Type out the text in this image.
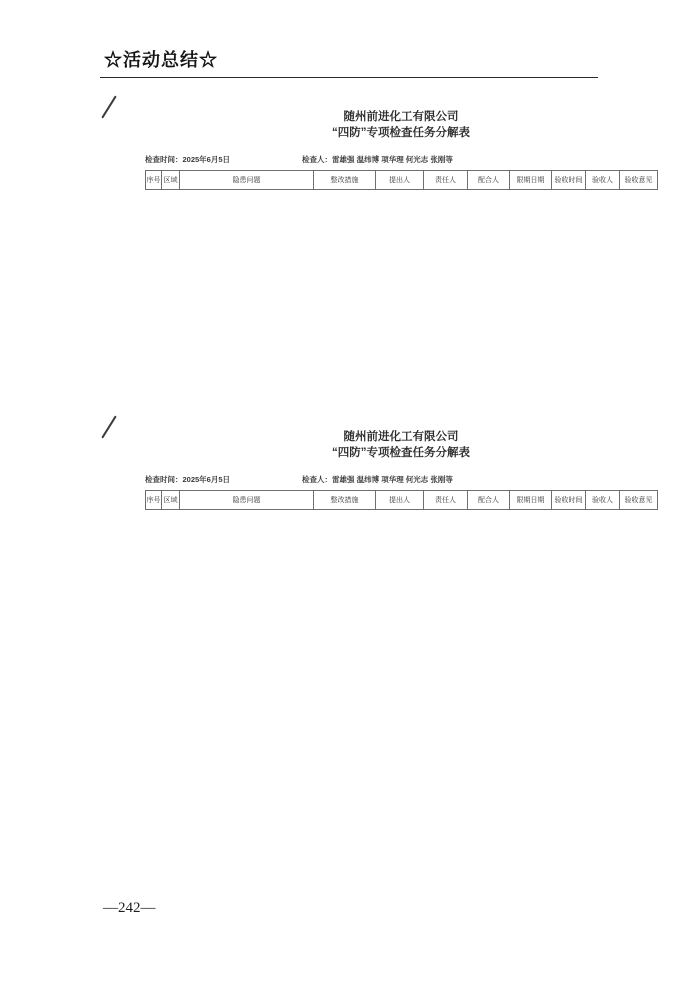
☆活动总结☆
随州前进化工有限公司
“四防”专项检查任务分解表
检查时间：2025年6月5日	检查人：雷雄强 温纬博 项华理 何光志 张刚等
序号	区域	隐患问题	整改措施	提出人	责任人	配合人	限期日期	验收时间	验收人	验收意见
随州前进化工有限公司
“四防”专项检查任务分解表
检查时间：2025年6月5日	检查人：雷雄强 温纬博 项华理 何光志 张刚等
序号	区域	隐患问题	整改措施	提出人	责任人	配合人	限期日期	验收时间	验收人	验收意见
—242—
